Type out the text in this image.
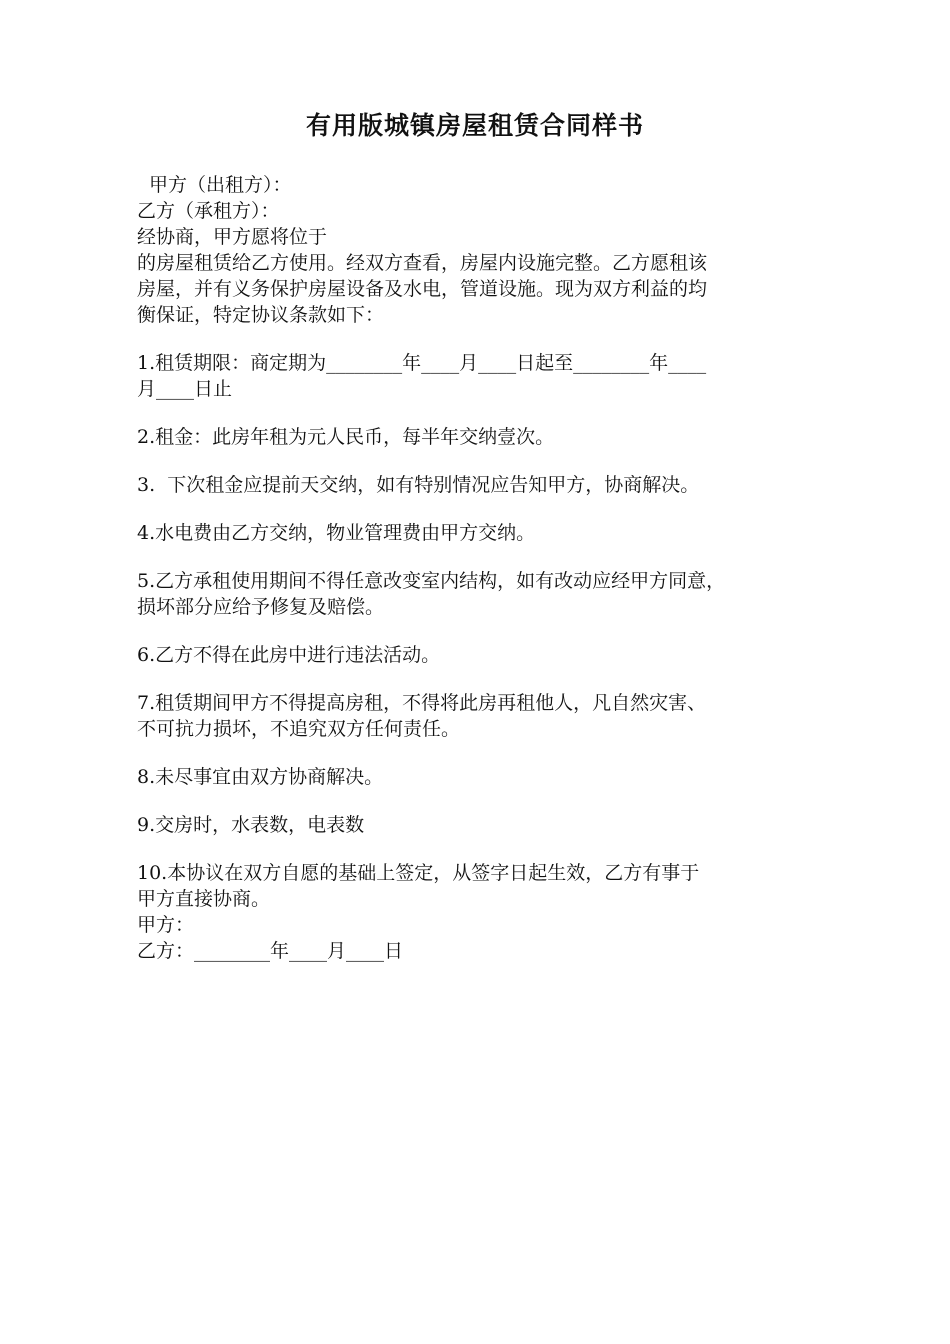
有用版城镇房屋租赁合同样书
甲方（出租方）：
乙方（承租方）：
经协商，甲方愿将位于
的房屋租赁给乙方使用。经双方查看，房屋内设施完整。乙方愿租该
房屋，并有义务保护房屋设备及水电，管道设施。现为双方利益的均
衡保证，特定协议条款如下：
1.租赁期限：商定期为________年____月____日起至________年____
月____日止
2.租金：此房年租为元人民币，每半年交纳壹次。
3.  下次租金应提前天交纳，如有特别情况应告知甲方，协商解决。
4.水电费由乙方交纳，物业管理费由甲方交纳。
5.乙方承租使用期间不得任意改变室内结构，如有改动应经甲方同意，
损坏部分应给予修复及赔偿。
6.乙方不得在此房中进行违法活动。
7.租赁期间甲方不得提高房租，不得将此房再租他人，凡自然灾害、
不可抗力损坏，不追究双方任何责任。
8.未尽事宜由双方协商解决。
9.交房时，水表数，电表数
10.本协议在双方自愿的基础上签定，从签字日起生效，乙方有事于
甲方直接协商。
甲方：
乙方：________年____月____日
